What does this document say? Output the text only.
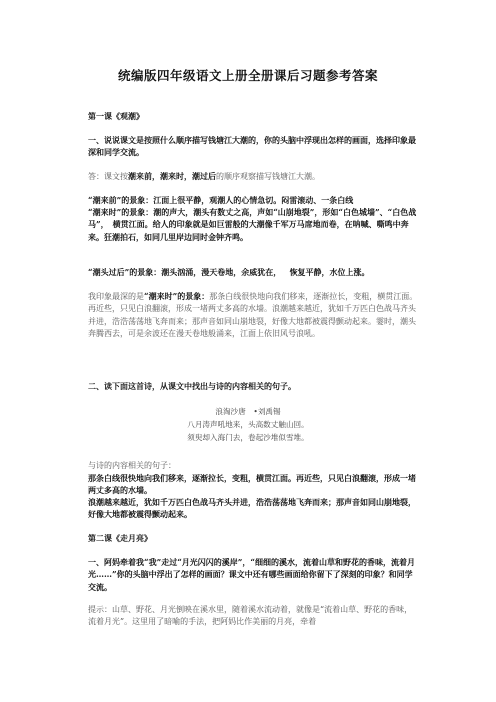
统编版四年级语文上册全册课后习题参考答案
第一课《观潮》
一、说说课文是按照什么顺序描写钱塘江大潮的，你的头脑中浮现出怎样的画面，选择印象最深和同学交流。
答：课文按潮来前，潮来时，潮过后的顺序观察描写钱塘江大潮。
“潮来前”的景象：江面上很平静，观潮人的心情急切。闷雷滚动、一条白线
“潮来时”的景象：潮的声大，潮头有数丈之高，声如“山崩地裂”，形如“白色城墙”、“白色战马”，　横贯江面。给人的印象就是如巨雷般的大潮像千军万马席地而卷，在呐喊、嘶鸣中奔来。狂潮拍石，如同几里岸边同时金钟齐鸣。
“潮头过后”的景象：潮头汹涌，漫天卷地，余威犹在， 恢复平静，水位上涨。
我印象最深的是“潮来时”的景象：那条白线很快地向我们移来，逐渐拉长，变粗，横贯江面。再近些，只见白浪翻滚，形成一堵两丈多高的水墙。浪潮越来越近，犹如千万匹白色战马齐头并进，浩浩荡荡地飞奔而来；那声音如同山崩地裂，好像大地都被震得颤动起来。霎时，潮头奔腾西去，可是余波还在漫天卷地般涌来，江面上依旧风号浪吼。
二、读下面这首诗，从课文中找出与诗的内容相关的句子。
浪淘沙唐　•刘禹锡
八月涛声吼地来，头高数丈触山回。
须臾却入海门去，卷起沙堆似雪堆。
与诗的内容相关的句子：
那条白线很快地向我们移来，逐渐拉长，变粗，横贯江面。再近些，只见白浪翻滚，形成一堵两丈多高的水墙。
浪潮越来越近，犹如千万匹白色战马齐头并进，浩浩荡荡地飞奔而来；那声音如同山崩地裂，好像大地都被震得颤动起来。
第二课《走月亮》
一、阿妈牵着我“我”走过“月光闪闪的溪岸”，“细细的溪水，流着山草和野花的香味，流着月光……”你的头脑中浮出了怎样的画面？课文中还有哪些画面给你留下了深刻的印象？和同学交流。
提示：山草、野花、月光倒映在溪水里，随着溪水流动着，就像是“流着山草、野花的香味，流着月光”。这里用了暗喻的手法，把阿妈比作美丽的月亮，牵着
